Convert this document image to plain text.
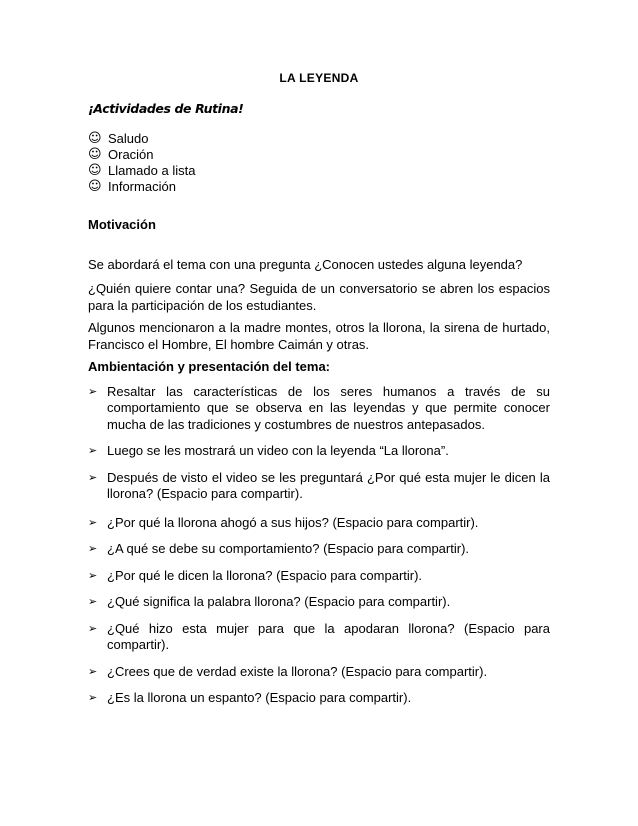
LA LEYENDA
¡Actividades de Rutina!
☺ Saludo
☺ Oración
☺ Llamado a lista
☺ Información
Motivación

Se abordará el tema con una pregunta ¿Conocen ustedes alguna leyenda?

¿Quién quiere contar una? Seguida de un conversatorio se abren los espacios para la participación de los estudiantes.

Algunos mencionaron a la madre montes, otros la llorona, la sirena de hurtado, Francisco el Hombre, El hombre Caimán y otras.

Ambientación y presentación del tema:
➢ Resaltar las características de los seres humanos a través de su comportamiento que se observa en las leyendas y que permite conocer mucha de las tradiciones y costumbres de nuestros antepasados.
➢ Luego se les mostrará un video con la leyenda “La llorona”.
➢ Después de visto el video se les preguntará ¿Por qué esta mujer le dicen la llorona? (Espacio para compartir).
➢ ¿Por qué la llorona ahogó a sus hijos? (Espacio para compartir).
➢ ¿A qué se debe su comportamiento? (Espacio para compartir).
➢ ¿Por qué le dicen la llorona? (Espacio para compartir).
➢ ¿Qué significa la palabra llorona? (Espacio para compartir).
➢ ¿Qué hizo esta mujer para que la apodaran llorona? (Espacio para compartir).
➢ ¿Crees que de verdad existe la llorona? (Espacio para compartir).
➢ ¿Es la llorona un espanto? (Espacio para compartir).
